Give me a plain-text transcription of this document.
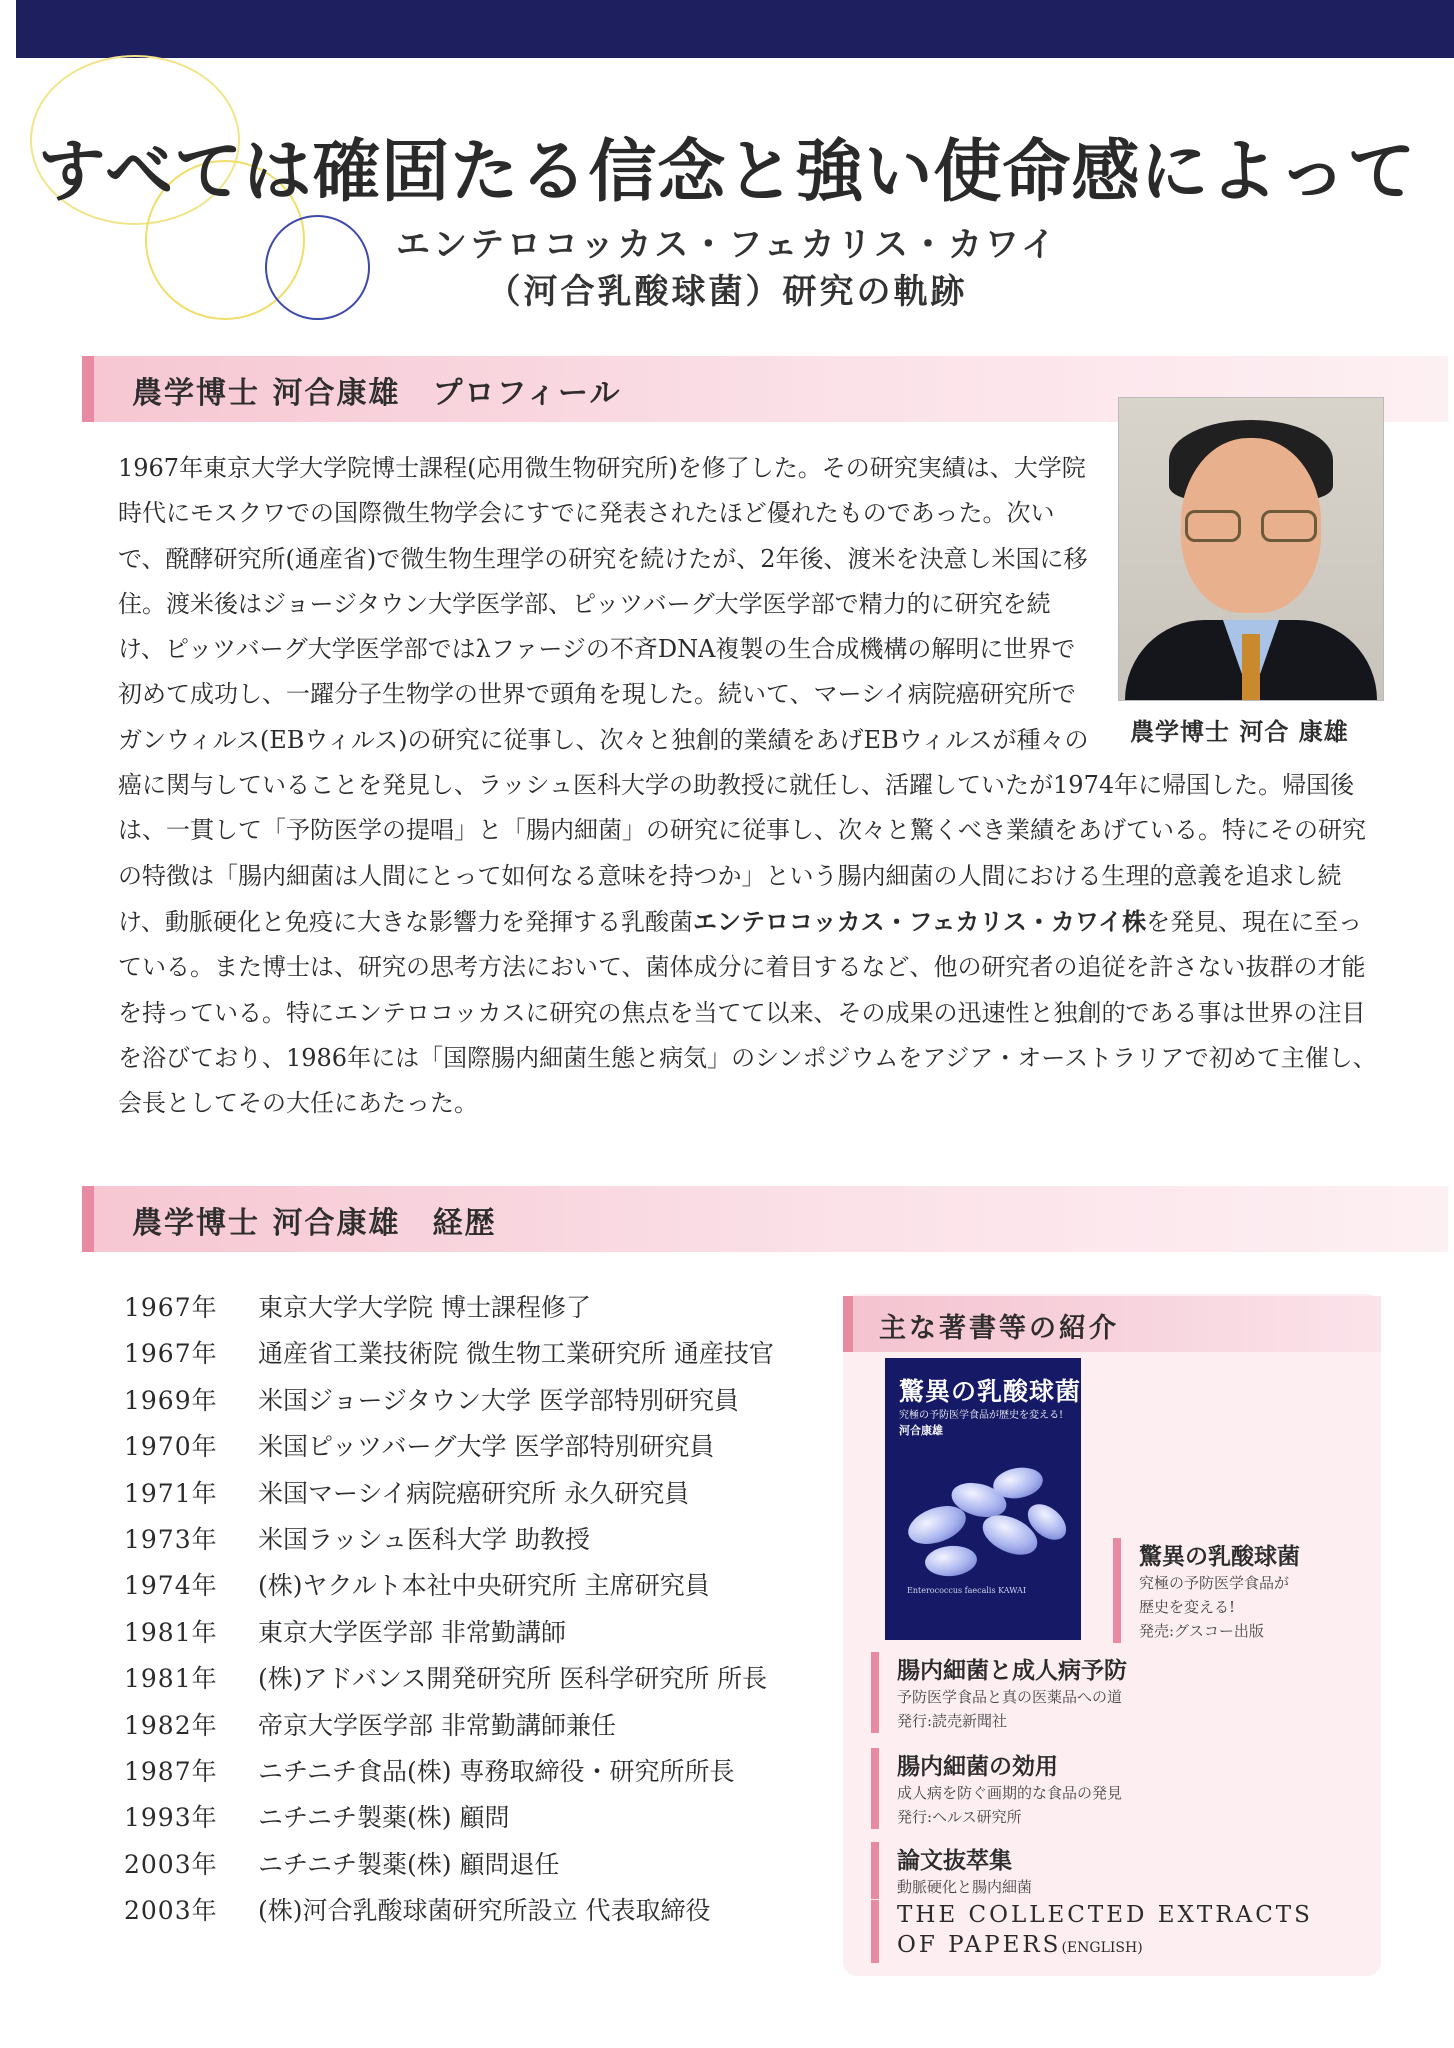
すべては確固たる信念と強い使命感によって
エンテロコッカス・フェカリス・カワイ
（河合乳酸球菌）研究の軌跡
農学博士 河合康雄　プロフィール
農学博士 河合 康雄
1967年東京大学大学院博士課程(応用微生物研究所)を修了した。その研究実績は、大学院時代にモスクワでの国際微生物学会にすでに発表されたほど優れたものであった。次いで、醗酵研究所(通産省)で微生物生理学の研究を続けたが、2年後、渡米を決意し米国に移住。渡米後はジョージタウン大学医学部、ピッツバーグ大学医学部で精力的に研究を続け、ピッツバーグ大学医学部ではλファージの不斉DNA複製の生合成機構の解明に世界で初めて成功し、一躍分子生物学の世界で頭角を現した。続いて、マーシイ病院癌研究所でガンウィルス(EBウィルス)の研究に従事し、次々と独創的業績をあげEBウィルスが種々の癌に関与していることを発見し、ラッシュ医科大学の助教授に就任し、活躍していたが1974年に帰国した。帰国後は、一貫して「予防医学の提唱」と「腸内細菌」の研究に従事し、次々と驚くべき業績をあげている。特にその研究の特徴は「腸内細菌は人間にとって如何なる意味を持つか」という腸内細菌の人間における生理的意義を追求し続け、動脈硬化と免疫に大きな影響力を発揮する乳酸菌エンテロコッカス・フェカリス・カワイ株を発見、現在に至っている。また博士は、研究の思考方法において、菌体成分に着目するなど、他の研究者の追従を許さない抜群の才能を持っている。特にエンテロコッカスに研究の焦点を当てて以来、その成果の迅速性と独創的である事は世界の注目を浴びており、1986年には「国際腸内細菌生態と病気」のシンポジウムをアジア・オーストラリアで初めて主催し、会長としてその大任にあたった。
農学博士 河合康雄　経歴
1967年 東京大学大学院 博士課程修了
1967年 通産省工業技術院 微生物工業研究所 通産技官
1969年 米国ジョージタウン大学 医学部特別研究員
1970年 米国ピッツバーグ大学 医学部特別研究員
1971年 米国マーシイ病院癌研究所 永久研究員
1973年 米国ラッシュ医科大学 助教授
1974年 (株)ヤクルト本社中央研究所 主席研究員
1981年 東京大学医学部 非常勤講師
1981年 (株)アドバンス開発研究所 医科学研究所 所長
1982年 帝京大学医学部 非常勤講師兼任
1987年 ニチニチ食品(株) 専務取締役・研究所所長
1993年 ニチニチ製薬(株) 顧問
2003年 ニチニチ製薬(株) 顧問退任
2003年 (株)河合乳酸球菌研究所設立 代表取締役
主な著書等の紹介
驚異の乳酸球菌
究極の予防医学食品が歴史を変える!
河合康雄
Enterococcus faecalis KAWAI
驚異の乳酸球菌
究極の予防医学食品が
歴史を変える!
発売:グスコー出版
腸内細菌と成人病予防
予防医学食品と真の医薬品への道
発行:読売新聞社
腸内細菌の効用
成人病を防ぐ画期的な食品の発見
発行:ヘルス研究所
論文抜萃集
動脈硬化と腸内細菌
THE COLLECTED EXTRACTS
OF PAPERS(ENGLISH)
